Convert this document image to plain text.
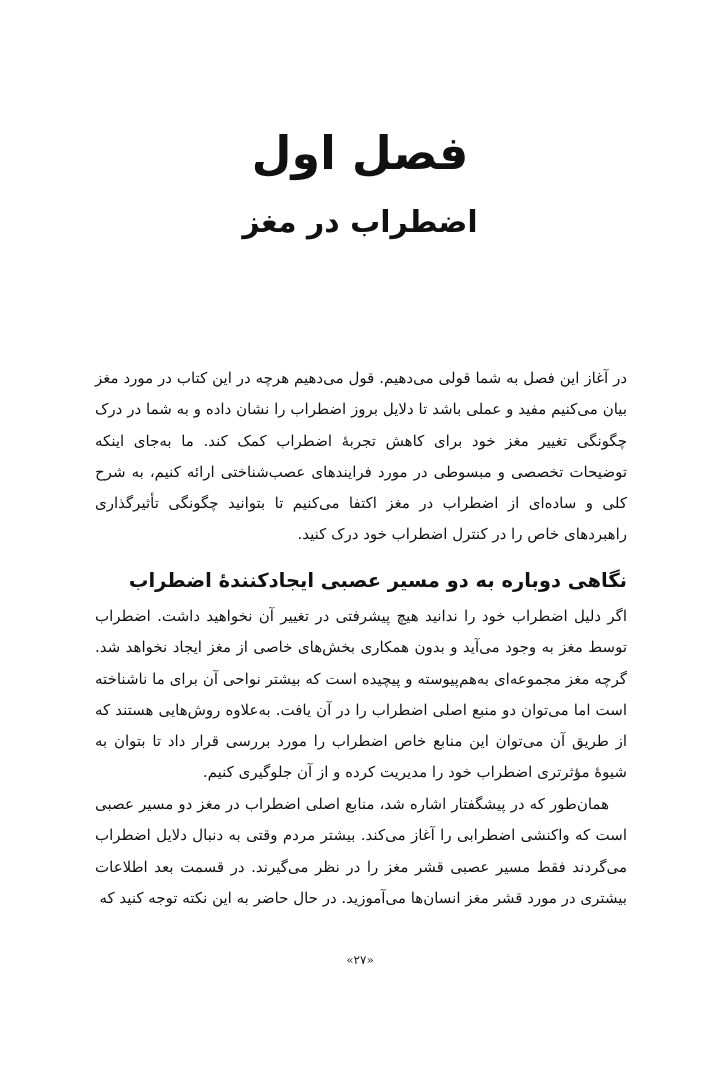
فصل اول
اضطراب در مغز

در آغاز این فصل به شما قولی می‌دهیم. قول می‌دهیم هرچه در این کتاب در مورد مغز بیان می‌کنیم مفید و عملی باشد تا دلایل بروز اضطراب را نشان داده و به شما در درک چگونگی تغییر مغز خود برای کاهش تجربهٔ اضطراب کمک کند. ما به‌جای اینکه توضیحات تخصصی و مبسوطی در مورد فرایندهای عصب‌شناختی ارائه کنیم، به شرح کلی و ساده‌ای از اضطراب در مغز اکتفا می‌کنیم تا بتوانید چگونگی تأثیرگذاری راهبردهای خاص را در کنترل اضطراب خود درک کنید.

نگاهی دوباره به دو مسیر عصبی ایجادکنندهٔ اضطراب

اگر دلیل اضطراب خود را ندانید هیچ پیشرفتی در تغییر آن نخواهید داشت. اضطراب توسط مغز به وجود می‌آید و بدون همکاری بخش‌های خاصی از مغز ایجاد نخواهد شد. گرچه مغز مجموعه‌ای به‌هم‌پیوسته و پیچیده است که بیشتر نواحی آن برای ما ناشناخته است اما می‌توان دو منبع اصلی اضطراب را در آن یافت. به‌علاوه روش‌هایی هستند که از طریق آن می‌توان این منابع خاص اضطراب را مورد بررسی قرار داد تا بتوان به شیوهٔ مؤثرتری اضطراب خود را مدیریت کرده و از آن جلوگیری کنیم.

همان‌طور که در پیشگفتار اشاره شد، منابع اصلی اضطراب در مغز دو مسیر عصبی است که واکنشی اضطرابی را آغاز می‌کند. بیشتر مردم وقتی به دنبال دلایل اضطراب می‌گردند فقط مسیر عصبی قشر مغز را در نظر می‌گیرند. در قسمت بعد اطلاعات بیشتری در مورد قشر مغز انسان‌ها می‌آموزید. در حال حاضر به این نکته توجه کنید که

«۲۷»
